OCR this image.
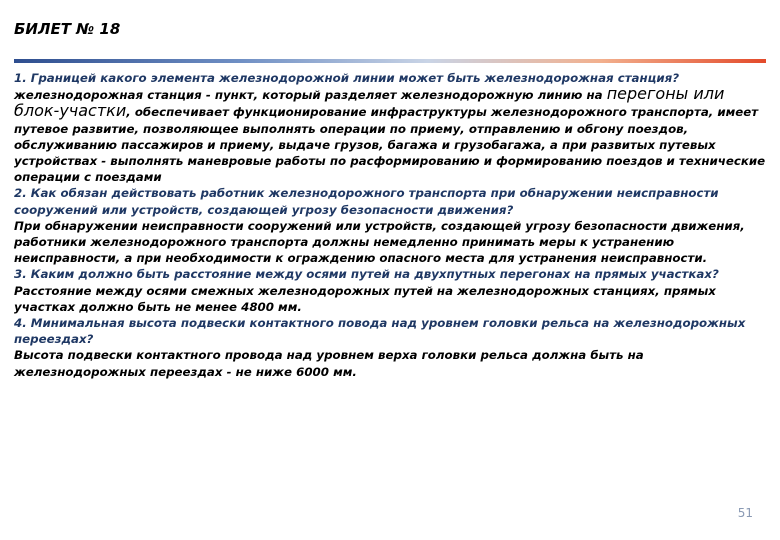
БИЛЕТ № 18

1. Границей какого элемента железнодорожной линии может быть железнодорожная станция?

железнодорожная станция - пункт, который разделяет железнодорожную линию на перегоны или блок-участки, обеспечивает функционирование инфраструктуры железнодорожного транспорта, имеет путевое развитие, позволяющее выполнять операции по приему, отправлению и обгону поездов, обслуживанию пассажиров и приему, выдаче грузов, багажа и грузобагажа, а при развитых путевых устройствах - выполнять маневровые работы по расформированию и формированию поездов и технические операции с поездами

2. Как обязан действовать работник железнодорожного транспорта при обнаружении неисправности сооружений или устройств, создающей угрозу безопасности движения?

При обнаружении неисправности сооружений или устройств, создающей угрозу безопасности движения, работники железнодорожного транспорта должны немедленно принимать меры к устранению неисправности, а при необходимости к ограждению опасного места для устранения неисправности.

3. Каким должно быть расстояние между осями путей на двухпутных перегонах на прямых участках?

Расстояние между осями смежных железнодорожных путей на железнодорожных станциях, прямых участках должно быть не менее 4800 мм.

4. Минимальная высота подвески контактного повода над уровнем головки рельса на железнодорожных переездах?

Высота подвески контактного провода над уровнем верха головки рельса должна быть на железнодорожных переездах - не ниже 6000 мм.

51
